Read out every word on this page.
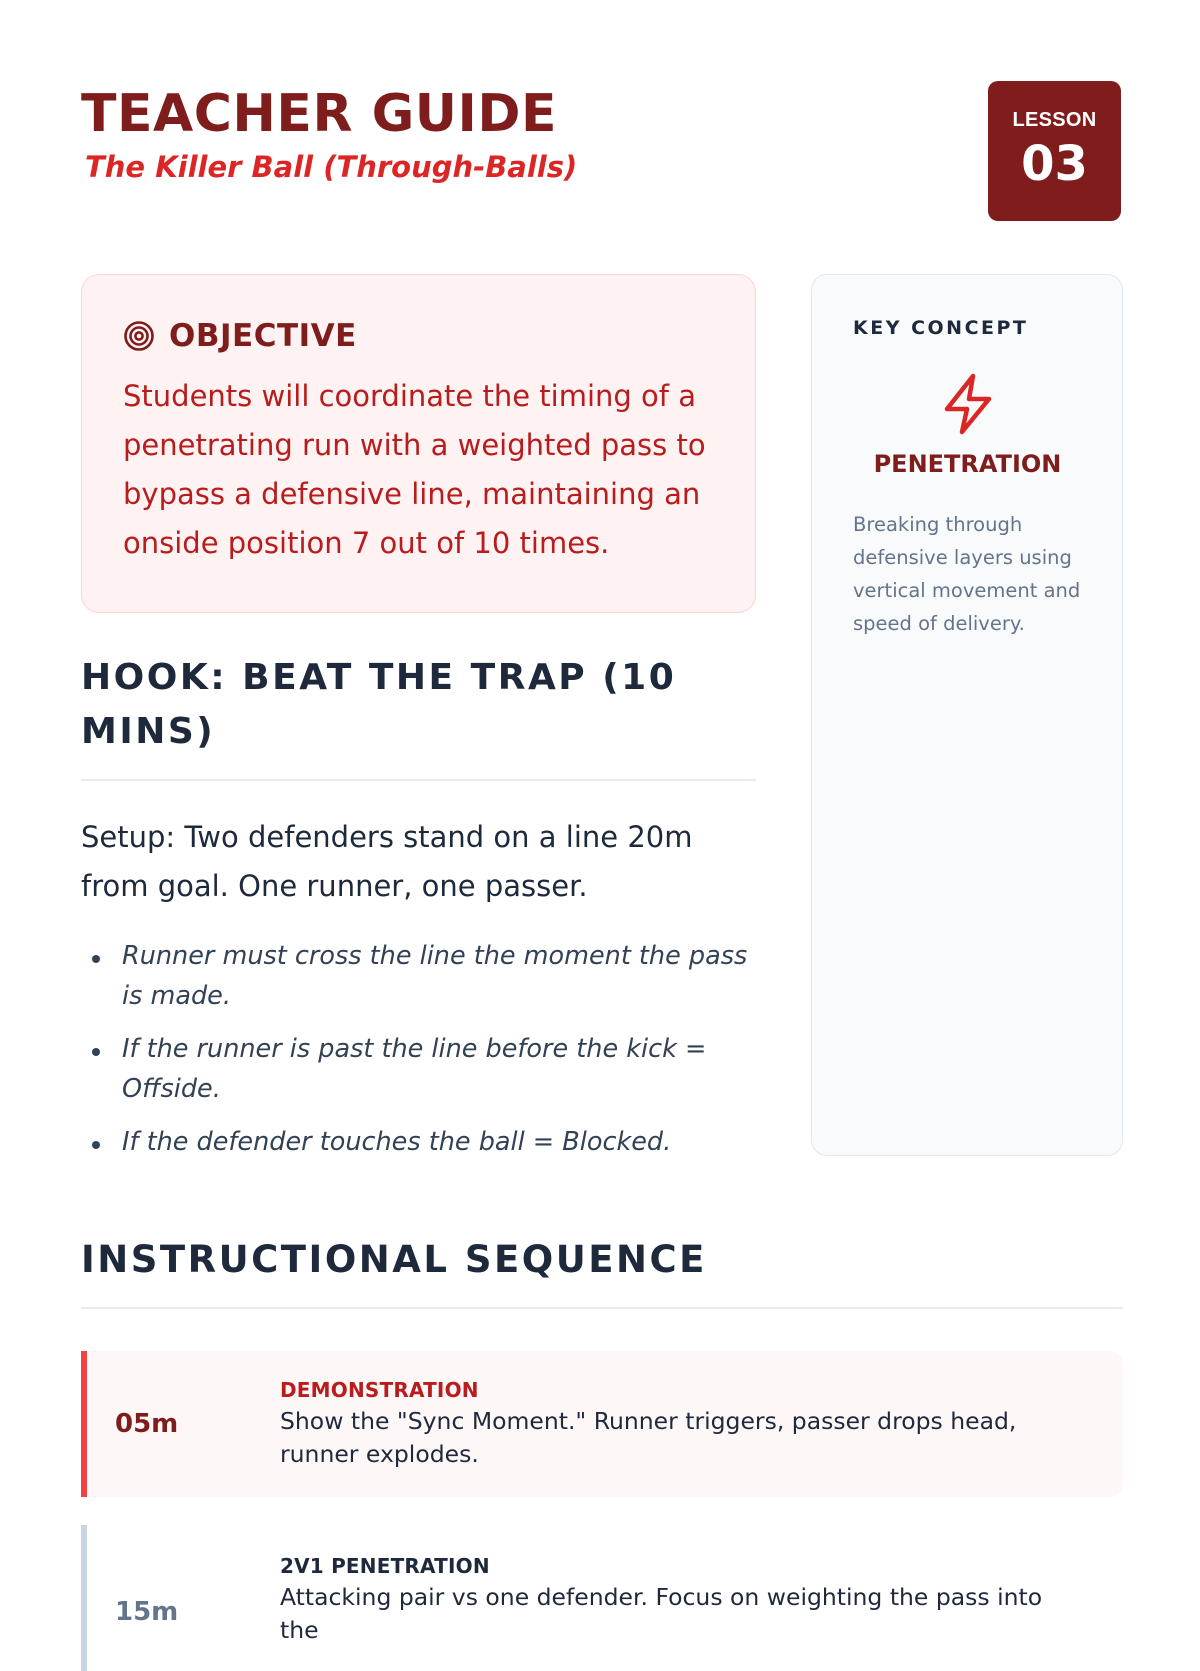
TEACHER GUIDE
The Killer Ball (Through-Balls)
LESSON
03
OBJECTIVE

Students will coordinate the timing of a penetrating run with a weighted pass to bypass a defensive line, maintaining an onside position 7 out of 10 times.

KEY CONCEPT
PENETRATION

Breaking through defensive layers using vertical movement and speed of delivery.

HOOK: BEAT THE TRAP (10 MINS)

Setup: Two defenders stand on a line 20m from goal. One runner, one passer.

Runner must cross the line the moment the pass is made.
If the runner is past the line before the kick = Offside.
If the defender touches the ball = Blocked.
INSTRUCTIONAL SEQUENCE
05m
DEMONSTRATION
Show the "Sync Moment." Runner triggers, passer drops head, runner explodes.
15m
2V1 PENETRATION
Attacking pair vs one defender. Focus on weighting the pass into the
